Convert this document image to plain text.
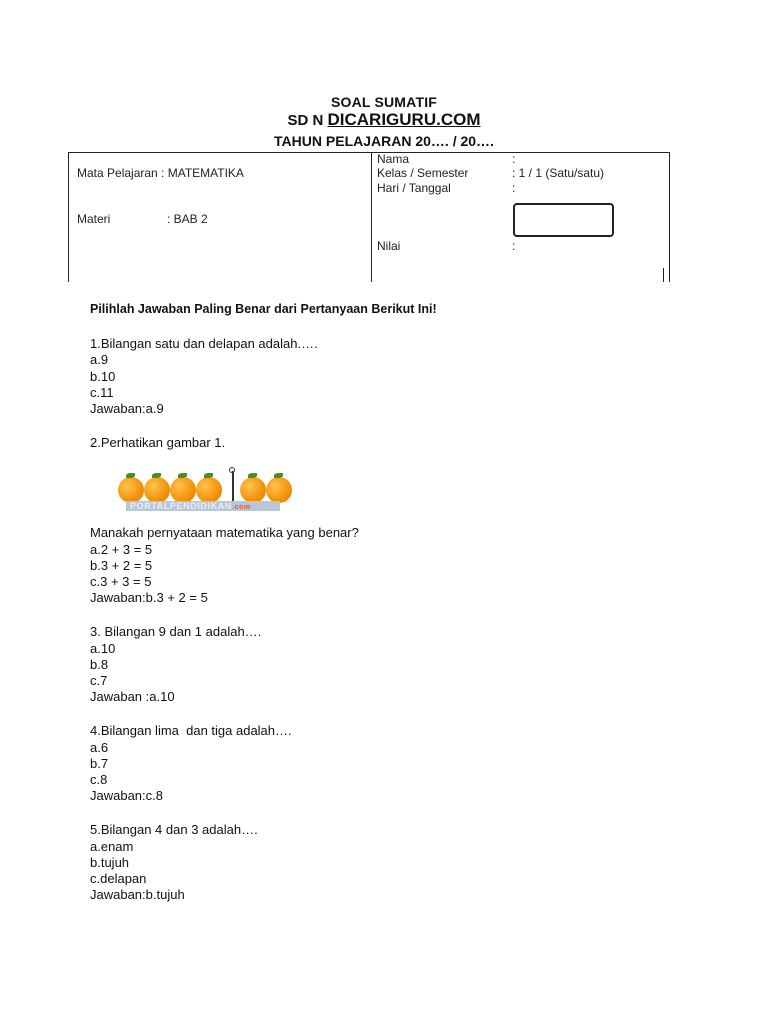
SOAL SUMATIF
SD N DICARIGURU.COM
TAHUN PELAJARAN 20…. / 20….
Mata Pelajaran : MATEMATIKA
Materi	: BAB 2
Nama	:
Kelas / Semester	: 1 / 1 (Satu/satu)
Hari / Tanggal	:
Nilai	:
Pilihlah Jawaban Paling Benar dari Pertanyaan Berikut Ini!
1.Bilangan satu dan delapan adalah.….
a.9
b.10
c.11
Jawaban:a.9
2.Perhatikan gambar 1.
PORTALPENDIDIKAN.com
Manakah pernyataan matematika yang benar?
a.2 + 3 = 5
b.3 + 2 = 5
c.3 + 3 = 5
Jawaban:b.3 + 2 = 5
3. Bilangan 9 dan 1 adalah….
a.10
b.8
c.7
Jawaban :a.10
4.Bilangan lima  dan tiga adalah….
a.6
b.7
c.8
Jawaban:c.8
5.Bilangan 4 dan 3 adalah….
a.enam
b.tujuh
c.delapan
Jawaban:b.tujuh
